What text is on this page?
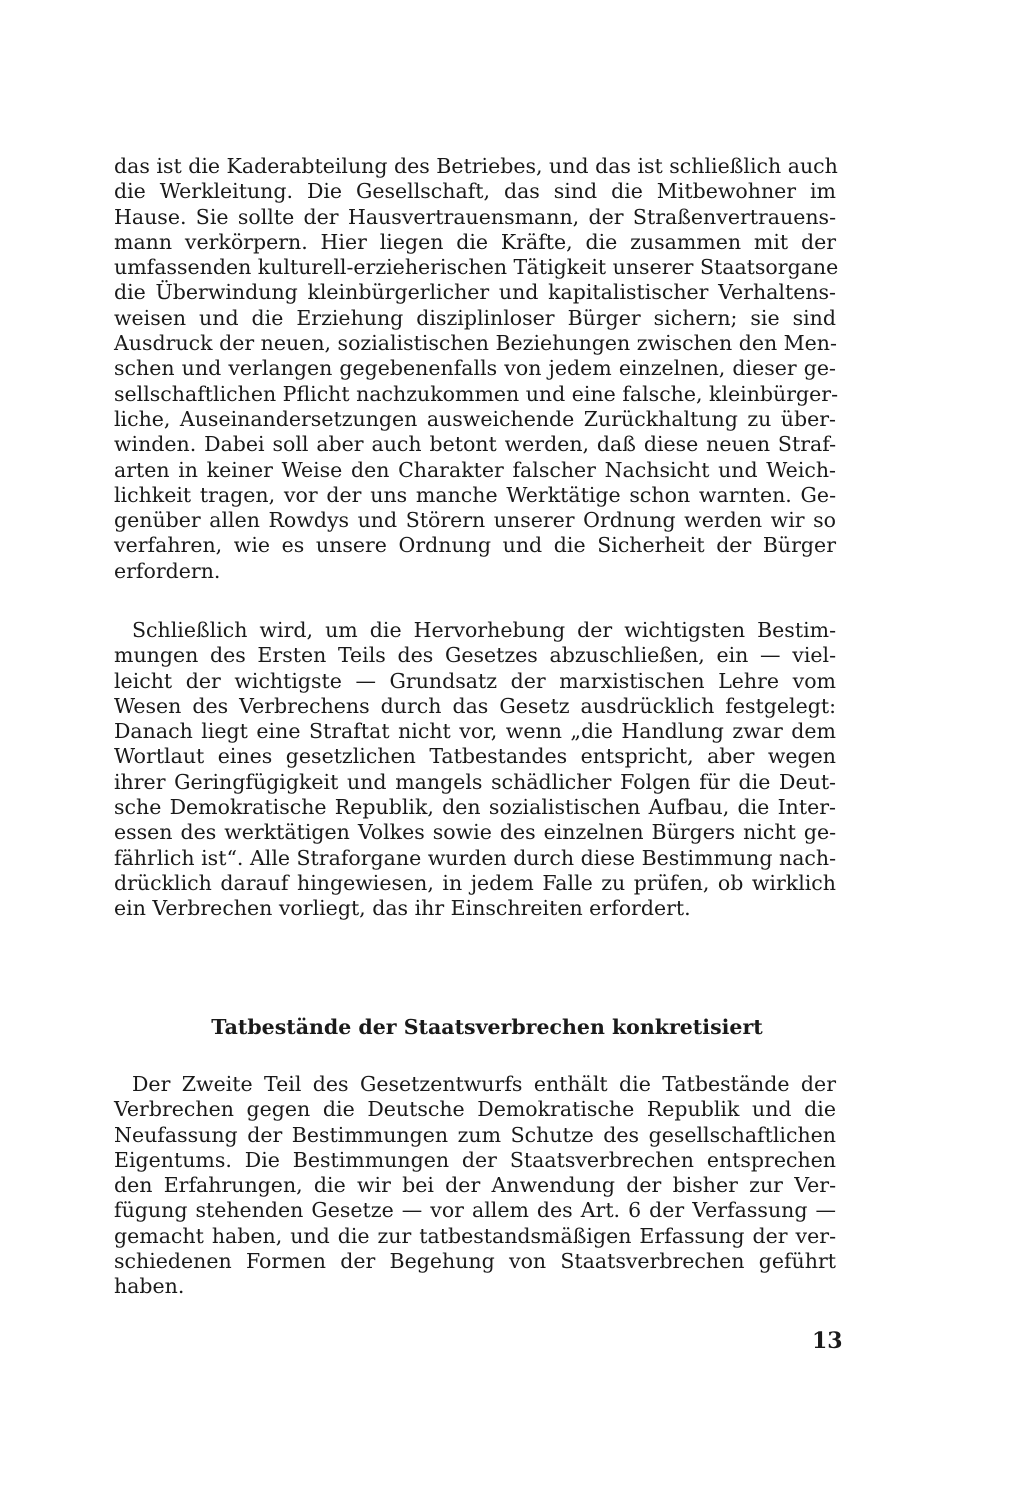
das ist die Kaderabteilung des Betriebes, und das ist schließlich auch
die Werkleitung. Die Gesellschaft, das sind die Mitbewohner im
Hause. Sie sollte der Hausvertrauensmann, der Straßenvertrauens-
mann verkörpern. Hier liegen die Kräfte, die zusammen mit der
umfassenden kulturell-erzieherischen Tätigkeit unserer Staatsorgane
die Überwindung kleinbürgerlicher und kapitalistischer Verhaltens-
weisen und die Erziehung disziplinloser Bürger sichern; sie sind
Ausdruck der neuen, sozialistischen Beziehungen zwischen den Men-
schen und verlangen gegebenenfalls von jedem einzelnen, dieser ge-
sellschaftlichen Pflicht nachzukommen und eine falsche, kleinbürger-
liche, Auseinandersetzungen ausweichende Zurückhaltung zu über-
winden. Dabei soll aber auch betont werden, daß diese neuen Straf-
arten in keiner Weise den Charakter falscher Nachsicht und Weich-
lichkeit tragen, vor der uns manche Werktätige schon warnten. Ge-
genüber allen Rowdys und Störern unserer Ordnung werden wir so
verfahren, wie es unsere Ordnung und die Sicherheit der Bürger
erfordern.
Schließlich wird, um die Hervorhebung der wichtigsten Bestim-
mungen des Ersten Teils des Gesetzes abzuschließen, ein — viel-
leicht der wichtigste — Grundsatz der marxistischen Lehre vom
Wesen des Verbrechens durch das Gesetz ausdrücklich festgelegt:
Danach liegt eine Straftat nicht vor, wenn „die Handlung zwar dem
Wortlaut eines gesetzlichen Tatbestandes entspricht, aber wegen
ihrer Geringfügigkeit und mangels schädlicher Folgen für die Deut-
sche Demokratische Republik, den sozialistischen Aufbau, die Inter-
essen des werktätigen Volkes sowie des einzelnen Bürgers nicht ge-
fährlich ist“. Alle Straforgane wurden durch diese Bestimmung nach-
drücklich darauf hingewiesen, in jedem Falle zu prüfen, ob wirklich
ein Verbrechen vorliegt, das ihr Einschreiten erfordert.
Tatbestände der Staatsverbrechen konkretisiert
Der Zweite Teil des Gesetzentwurfs enthält die Tatbestände der
Verbrechen gegen die Deutsche Demokratische Republik und die
Neufassung der Bestimmungen zum Schutze des gesellschaftlichen
Eigentums. Die Bestimmungen der Staatsverbrechen entsprechen
den Erfahrungen, die wir bei der Anwendung der bisher zur Ver-
fügung stehenden Gesetze — vor allem des Art. 6 der Verfassung —
gemacht haben, und die zur tatbestandsmäßigen Erfassung der ver-
schiedenen Formen der Begehung von Staatsverbrechen geführt
haben.
13
